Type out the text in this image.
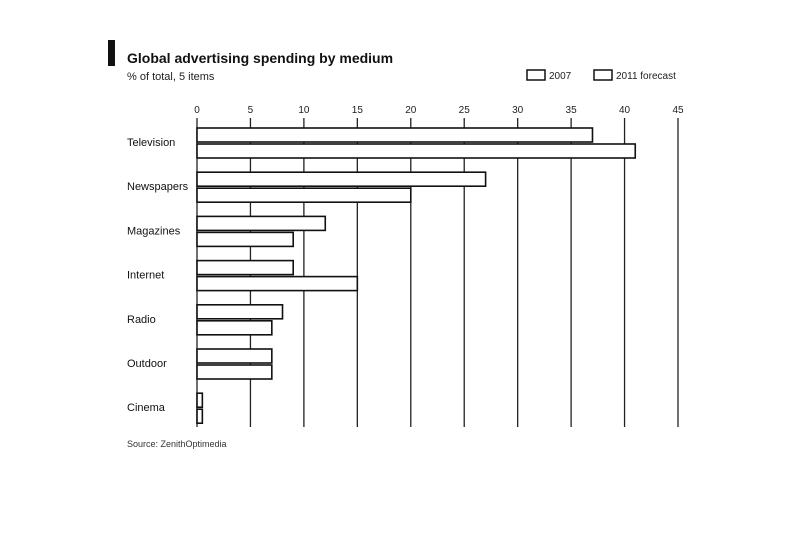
Global advertising spending by medium
% of total, 5 items	2007	2011 forecast
0	5	10	15	20	25	30	35	40	45
Television
Newspapers
Magazines
Internet
Radio
Outdoor
Cinema
Source: ZenithOptimedia
